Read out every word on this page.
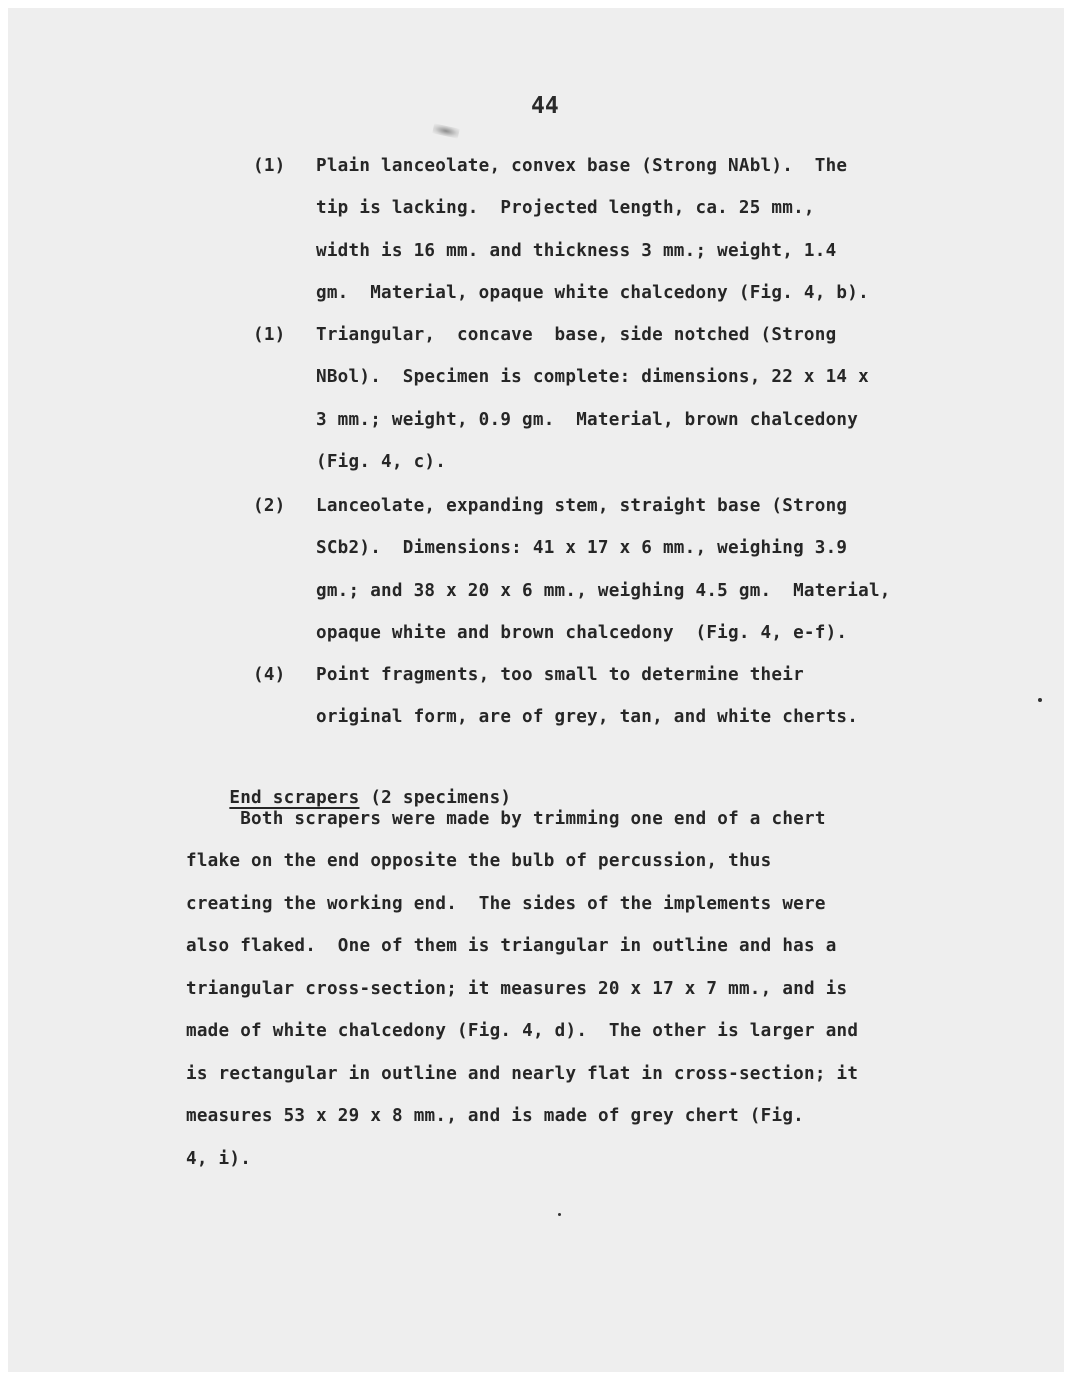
44

(1)

Plain lanceolate, convex base (Strong NAbl).  The

tip is lacking.  Projected length, ca. 25 mm.,

width is 16 mm. and thickness 3 mm.; weight, 1.4

gm.  Material, opaque white chalcedony (Fig. 4, b).

(1)

Triangular,  concave  base, side notched (Strong

NBol).  Specimen is complete: dimensions, 22 x 14 x

3 mm.; weight, 0.9 gm.  Material, brown chalcedony

(Fig. 4, c).

(2)

Lanceolate, expanding stem, straight base (Strong

SCb2).  Dimensions: 41 x 17 x 6 mm., weighing 3.9

gm.; and 38 x 20 x 6 mm., weighing 4.5 gm.  Material,

opaque white and brown chalcedony  (Fig. 4, e-f).

(4)

Point fragments, too small to determine their

original form, are of grey, tan, and white cherts.

End scrapers (2 specimens)

Both scrapers were made by trimming one end of a chert

flake on the end opposite the bulb of percussion, thus

creating the working end.  The sides of the implements were

also flaked.  One of them is triangular in outline and has a

triangular cross-section; it measures 20 x 17 x 7 mm., and is

made of white chalcedony (Fig. 4, d).  The other is larger and

is rectangular in outline and nearly flat in cross-section; it

measures 53 x 29 x 8 mm., and is made of grey chert (Fig.

4, i).
